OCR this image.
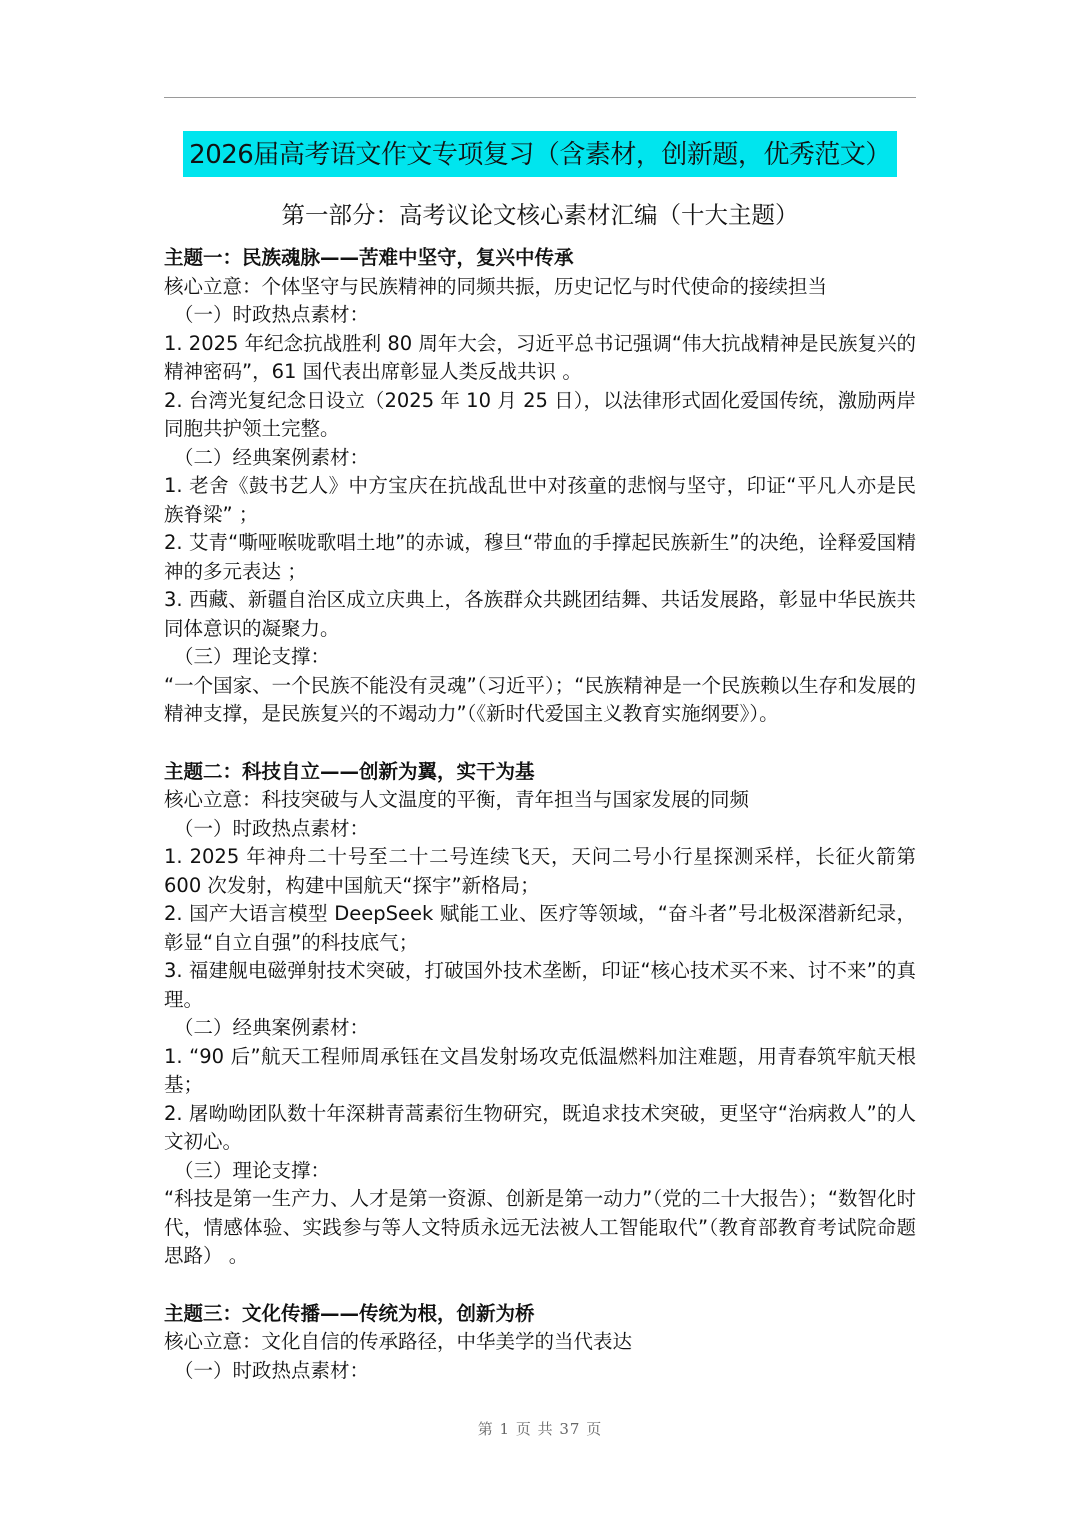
2026届高考语文作文专项复习（含素材，创新题，优秀范文）
第一部分：高考议论文核心素材汇编（十大主题）
主题一：民族魂脉——苦难中坚守，复兴中传承

核心立意：个体坚守与民族精神的同频共振，历史记忆与时代使命的接续担当

（一）时政热点素材：

1. 2025 年纪念抗战胜利 80 周年大会，习近平总书记强调“伟大抗战精神是民族复兴的精神密码”，61 国代表出席彰显人类反战共识 。

2. 台湾光复纪念日设立（2025 年 10 月 25 日），以法律形式固化爱国传统，激励两岸同胞共护领土完整。

（二）经典案例素材：

1. 老舍《鼓书艺人》中方宝庆在抗战乱世中对孩童的悲悯与坚守，印证“平凡人亦是民族脊梁” ；

2. 艾青“嘶哑喉咙歌唱土地”的赤诚，穆旦“带血的手撑起民族新生”的决绝，诠释爱国精神的多元表达 ；

3. 西藏、新疆自治区成立庆典上，各族群众共跳团结舞、共话发展路，彰显中华民族共同体意识的凝聚力。

（三）理论支撑：

“一个国家、一个民族不能没有灵魂”（习近平）；“民族精神是一个民族赖以生存和发展的精神支撑，是民族复兴的不竭动力”（《新时代爱国主义教育实施纲要》）。

主题二：科技自立——创新为翼，实干为基

核心立意：科技突破与人文温度的平衡，青年担当与国家发展的同频

（一）时政热点素材：

1. 2025 年神舟二十号至二十二号连续飞天，天问二号小行星探测采样，长征火箭第 600 次发射，构建中国航天“探宇”新格局；

2. 国产大语言模型 DeepSeek 赋能工业、医疗等领域，“奋斗者”号北极深潜新纪录，彰显“自立自强”的科技底气；

3. 福建舰电磁弹射技术突破，打破国外技术垄断，印证“核心技术买不来、讨不来”的真理。

（二）经典案例素材：

1. “90 后”航天工程师周承钰在文昌发射场攻克低温燃料加注难题，用青春筑牢航天根基；

2. 屠呦呦团队数十年深耕青蒿素衍生物研究，既追求技术突破，更坚守“治病救人”的人文初心。

（三）理论支撑：

“科技是第一生产力、人才是第一资源、创新是第一动力”（党的二十大报告）；“数智化时代，情感体验、实践参与等人文特质永远无法被人工智能取代”（教育部教育考试院命题思路） 。

主题三：文化传播——传统为根，创新为桥

核心立意：文化自信的传承路径，中华美学的当代表达

（一）时政热点素材：

第 1 页 共 37 页
